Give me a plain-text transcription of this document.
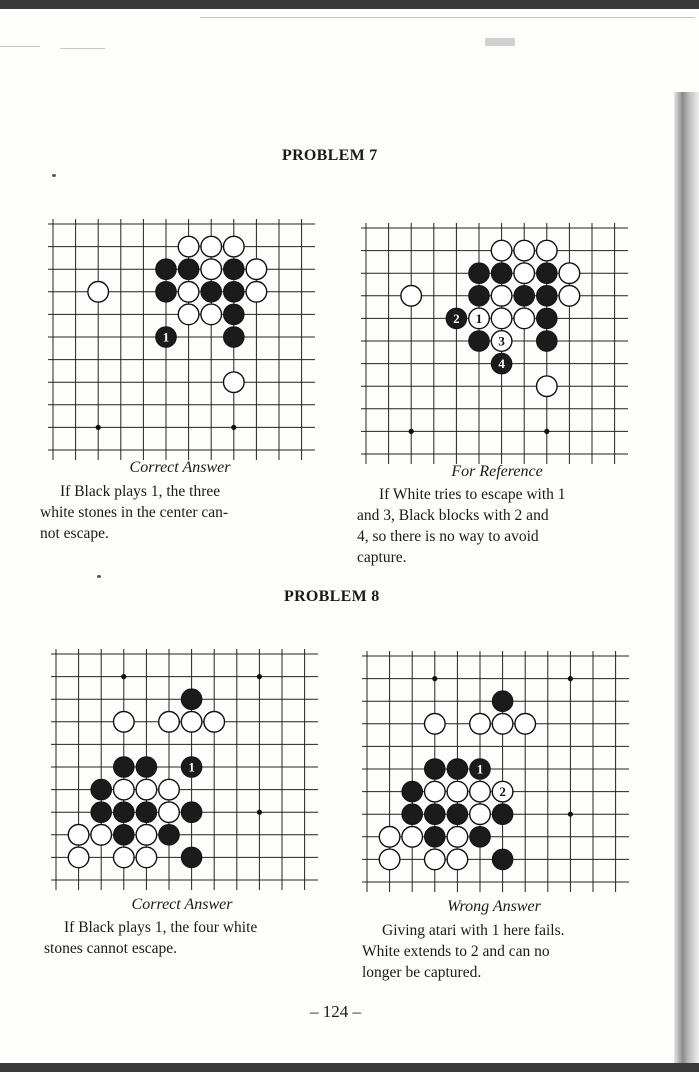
PROBLEM 7
1
Correct Answer

If Black plays 1, the three

white stones in the center can-

not escape.

2 1
3
4
For Reference

If White tries to escape with 1

and 3, Black blocks with 2 and

4, so there is no way to avoid

capture.

PROBLEM 8
1
Correct Answer

If Black plays 1, the four white

stones cannot escape.

1
2
Wrong Answer

Giving atari with 1 here fails.

White extends to 2 and can no

longer be captured.

– 124 –
